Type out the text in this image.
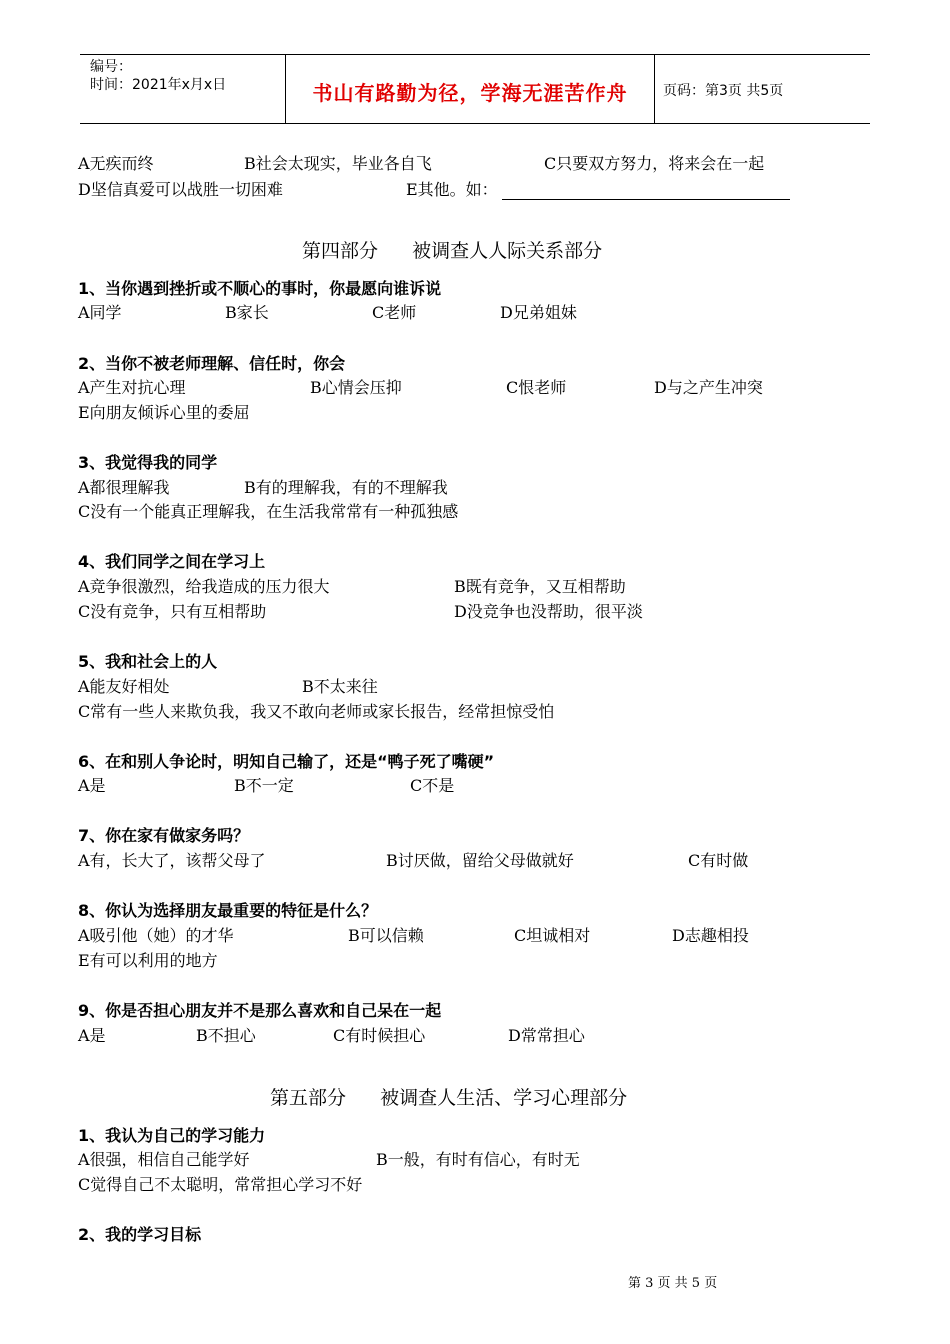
编号：
时间：2021年x月x日	书山有路勤为径，学海无涯苦作舟	页码：第3页 共5页
A无疾而终	B社会太现实，毕业各自飞	C只要双方努力，将来会在一起
D坚信真爱可以战胜一切困难	E其他。如：
第四部分 被调查人人际关系部分
1、当你遇到挫折或不顺心的事时，你最愿向谁诉说
A同学	B家长	C老师	D兄弟姐妹
2、当你不被老师理解、信任时，你会
A产生对抗心理	B心情会压抑	C恨老师	D与之产生冲突
E向朋友倾诉心里的委屈
3、我觉得我的同学
A都很理解我	B有的理解我，有的不理解我
C没有一个能真正理解我，在生活我常常有一种孤独感
4、我们同学之间在学习上
A竞争很激烈，给我造成的压力很大	B既有竞争，又互相帮助
C没有竞争，只有互相帮助	D没竞争也没帮助，很平淡
5、我和社会上的人
A能友好相处	B不太来往
C常有一些人来欺负我，我又不敢向老师或家长报告，经常担惊受怕
6、在和别人争论时，明知自己输了，还是“鸭子死了嘴硬”
A是	B不一定	C不是
7、你在家有做家务吗？
A有，长大了，该帮父母了	B讨厌做，留给父母做就好	C有时做
8、你认为选择朋友最重要的特征是什么？
A吸引他（她）的才华	B可以信赖	C坦诚相对	D志趣相投
E有可以利用的地方
9、你是否担心朋友并不是那么喜欢和自己呆在一起
A是	B不担心	C有时候担心	D常常担心
第五部分 被调查人生活、学习心理部分
1、我认为自己的学习能力
A很强，相信自己能学好	B一般，有时有信心，有时无
C觉得自己不太聪明，常常担心学习不好
2、我的学习目标
第 3 页 共 5 页
